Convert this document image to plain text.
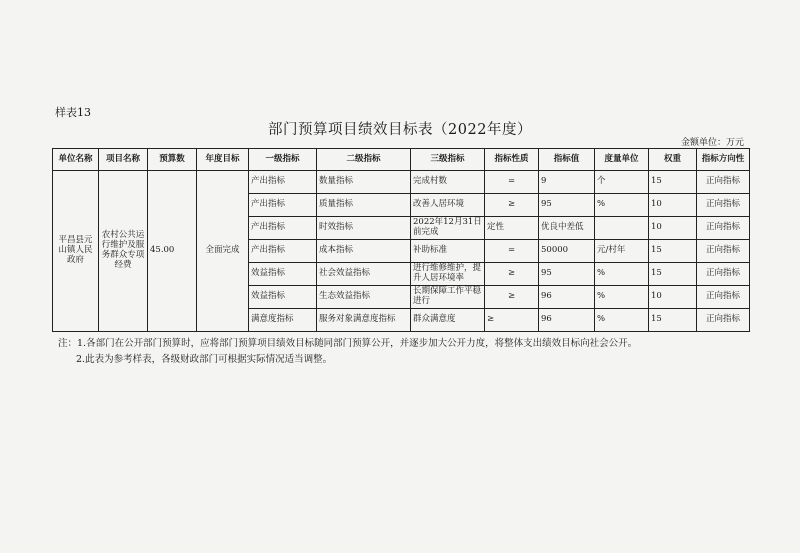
样表13
部门预算项目绩效目标表（2022年度）
金额单位：万元
单位名称	项目名称	预算数	年度目标	一级指标	二级指标	三级指标	指标性质	指标值	度量单位	权重	指标方向性
平昌县元山镇人民政府	农村公共运行维护及服务群众专项经费	45.00	全面完成	产出指标	数量指标	完成村数	=	9	个	15	正向指标
				产出指标	质量指标	改善人居环境	≥	95	%	10	正向指标
				产出指标	时效指标	2022年12月31日前完成	定性	优良中差低		10	正向指标
				产出指标	成本指标	补助标准	=	50000	元/村年	15	正向指标
				效益指标	社会效益指标	进行维修维护，提升人居环境率	≥	95	%	15	正向指标
				效益指标	生态效益指标	长期保障工作平稳进行	≥	96	%	10	正向指标
				满意度指标	服务对象满意度指标	群众满意度	≥	96	%	15	正向指标
注：1.各部门在公开部门预算时，应将部门预算项目绩效目标随同部门预算公开，并逐步加大公开力度，将整体支出绩效目标向社会公开。
2.此表为参考样表，各级财政部门可根据实际情况适当调整。
